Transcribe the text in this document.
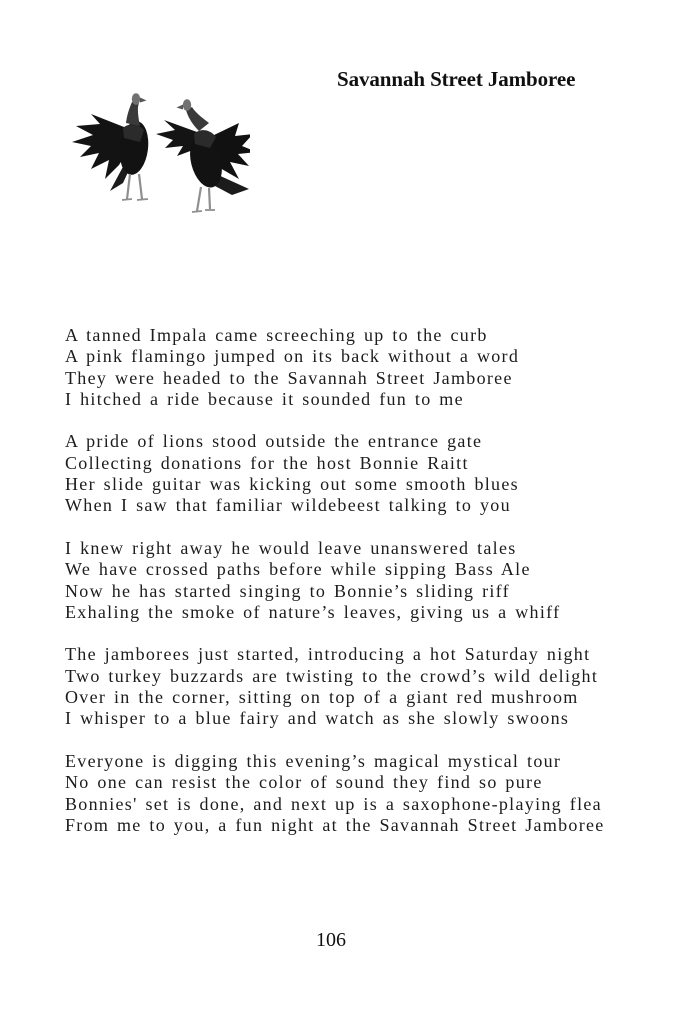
Savannah Street Jamboree

A tanned Impala came screeching up to the curb
A pink flamingo jumped on its back without a word
They were headed to the Savannah Street Jamboree
I hitched a ride because it sounded fun to me

A pride of lions stood outside the entrance gate
Collecting donations for the host Bonnie Raitt
Her slide guitar was kicking out some smooth blues
When I saw that familiar wildebeest talking to you

I knew right away he would leave unanswered tales
We have crossed paths before while sipping Bass Ale
Now he has started singing to Bonnie’s sliding riff
Exhaling the smoke of nature’s leaves, giving us a whiff

The jamborees just started, introducing a hot Saturday night
Two turkey buzzards are twisting to the crowd’s wild delight
Over in the corner, sitting on top of a giant red mushroom
I whisper to a blue fairy and watch as she slowly swoons

Everyone is digging this evening’s magical mystical tour
No one can resist the color of sound they find so pure
Bonnies' set is done, and next up is a saxophone-playing flea
From me to you, a fun night at the Savannah Street Jamboree

106
